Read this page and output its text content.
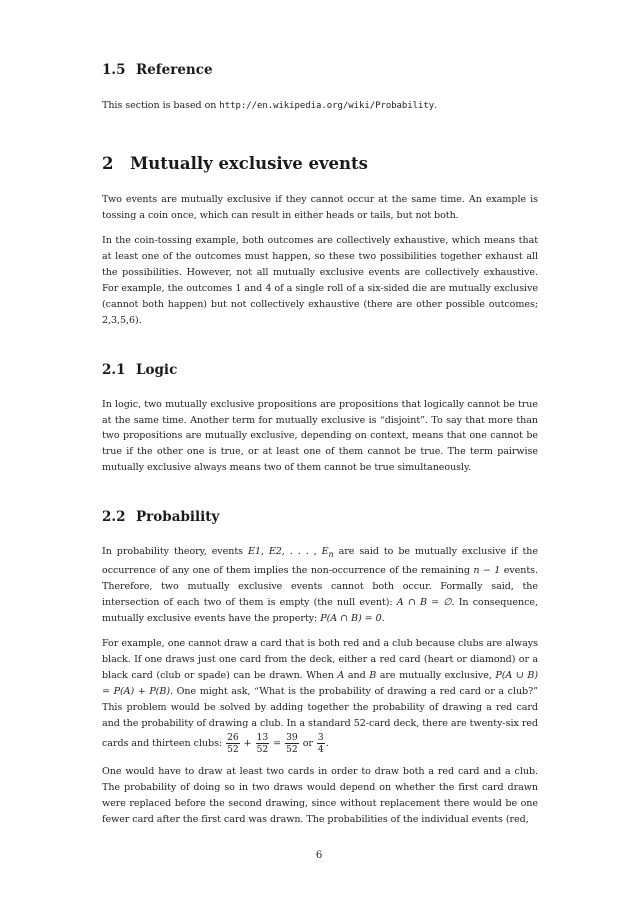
1.5 Reference

This section is based on http://en.wikipedia.org/wiki/Probability.

2 Mutually exclusive events

Two events are mutually exclusive if they cannot occur at the same time. An example is tossing a coin once, which can result in either heads or tails, but not both.

In the coin-tossing example, both outcomes are collectively exhaustive, which means that at least one of the outcomes must happen, so these two possibilities together exhaust all the possibilities. However, not all mutually exclusive events are collectively exhaustive. For example, the outcomes 1 and 4 of a single roll of a six-sided die are mutually exclusive (cannot both happen) but not collectively exhaustive (there are other possible outcomes; 2,3,5,6).

2.1 Logic

In logic, two mutually exclusive propositions are propositions that logically cannot be true at the same time. Another term for mutually exclusive is “disjoint”. To say that more than two propositions are mutually exclusive, depending on context, means that one cannot be true if the other one is true, or at least one of them cannot be true. The term pairwise mutually exclusive always means two of them cannot be true simultaneously.

2.2 Probability

In probability theory, events E1, E2, . . . , $E_n$ are said to be mutually exclusive if the occurrence of any one of them implies the non-occurrence of the remaining n − 1 events. Therefore, two mutually exclusive events cannot both occur. Formally said, the intersection of each two of them is empty (the null event): A ∩ B = ∅. In consequence, mutually exclusive events have the property: P(A ∩ B) = 0.

For example, one cannot draw a card that is both red and a club because clubs are always black. If one draws just one card from the deck, either a red card (heart or diamond) or a black card (club or spade) can be drawn. When A and B are mutually exclusive, P(A ∪ B) = P(A) + P(B). One might ask, “What is the probability of drawing a red card or a club?” This problem would be solved by adding together the probability of drawing a red card and the probability of drawing a club. In a standard 52-card deck, there are twenty-six red cards and thirteen clubs: $\frac{26}{52} + \frac{13}{52} = \frac{39}{52}$ or $\frac{3}{4}$ .

One would have to draw at least two cards in order to draw both a red card and a club. The probability of doing so in two draws would depend on whether the first card drawn were replaced before the second drawing, since without replacement there would be one fewer card after the first card was drawn. The probabilities of the individual events (red,

6
